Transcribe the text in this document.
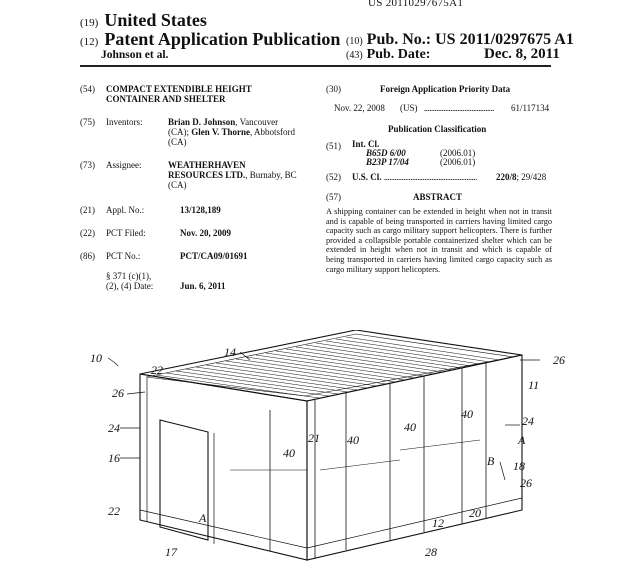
US 20110297675A1
(19) United States
(12) Patent Application Publication
Johnson et al.
(10) Pub. No.: US 2011/0297675 A1
(43) Pub. Date:	Dec. 8, 2011
(54) COMPACT EXTENDIBLE HEIGHT
CONTAINER AND SHELTER
(75) Inventors:	Brian D. Johnson, Vancouver
(CA); Glen V. Thorne, Abbotsford
(CA)
(73) Assignee:	WEATHERHAVEN
RESOURCES LTD., Burnaby, BC
(CA)
(21) Appl. No.:	13/128,189
(22) PCT Filed:	Nov. 20, 2009
(86) PCT No.:	PCT/CA09/01691
§ 371 (c)(1),
(2), (4) Date:	Jun. 6, 2011
(30)	Foreign Application Priority Data
Nov. 22, 2008 (US) ........................................ 61/117134
Publication Classification
(51) Int. Cl.
B65D 6/00	(2006.01)
B23P 17/04	(2006.01)
(52) U.S. Cl. ..................................................... 220/8; 29/428
(57)	ABSTRACT
A shipping container can be extended in height when not in transit and is capable of being transported in carriers having limited cargo capacity such as cargo military support helicopters. There is further provided a collapsible portable containerized shelter which can be extended in height when not in transit and which is capable of being transported in carriers having limited cargo capacity such as cargo military support helicopters.
10	14
22
26
24
16
22
17
40
21 40
40
40
26
11
24
A
B 18
26
20
12
28
A
